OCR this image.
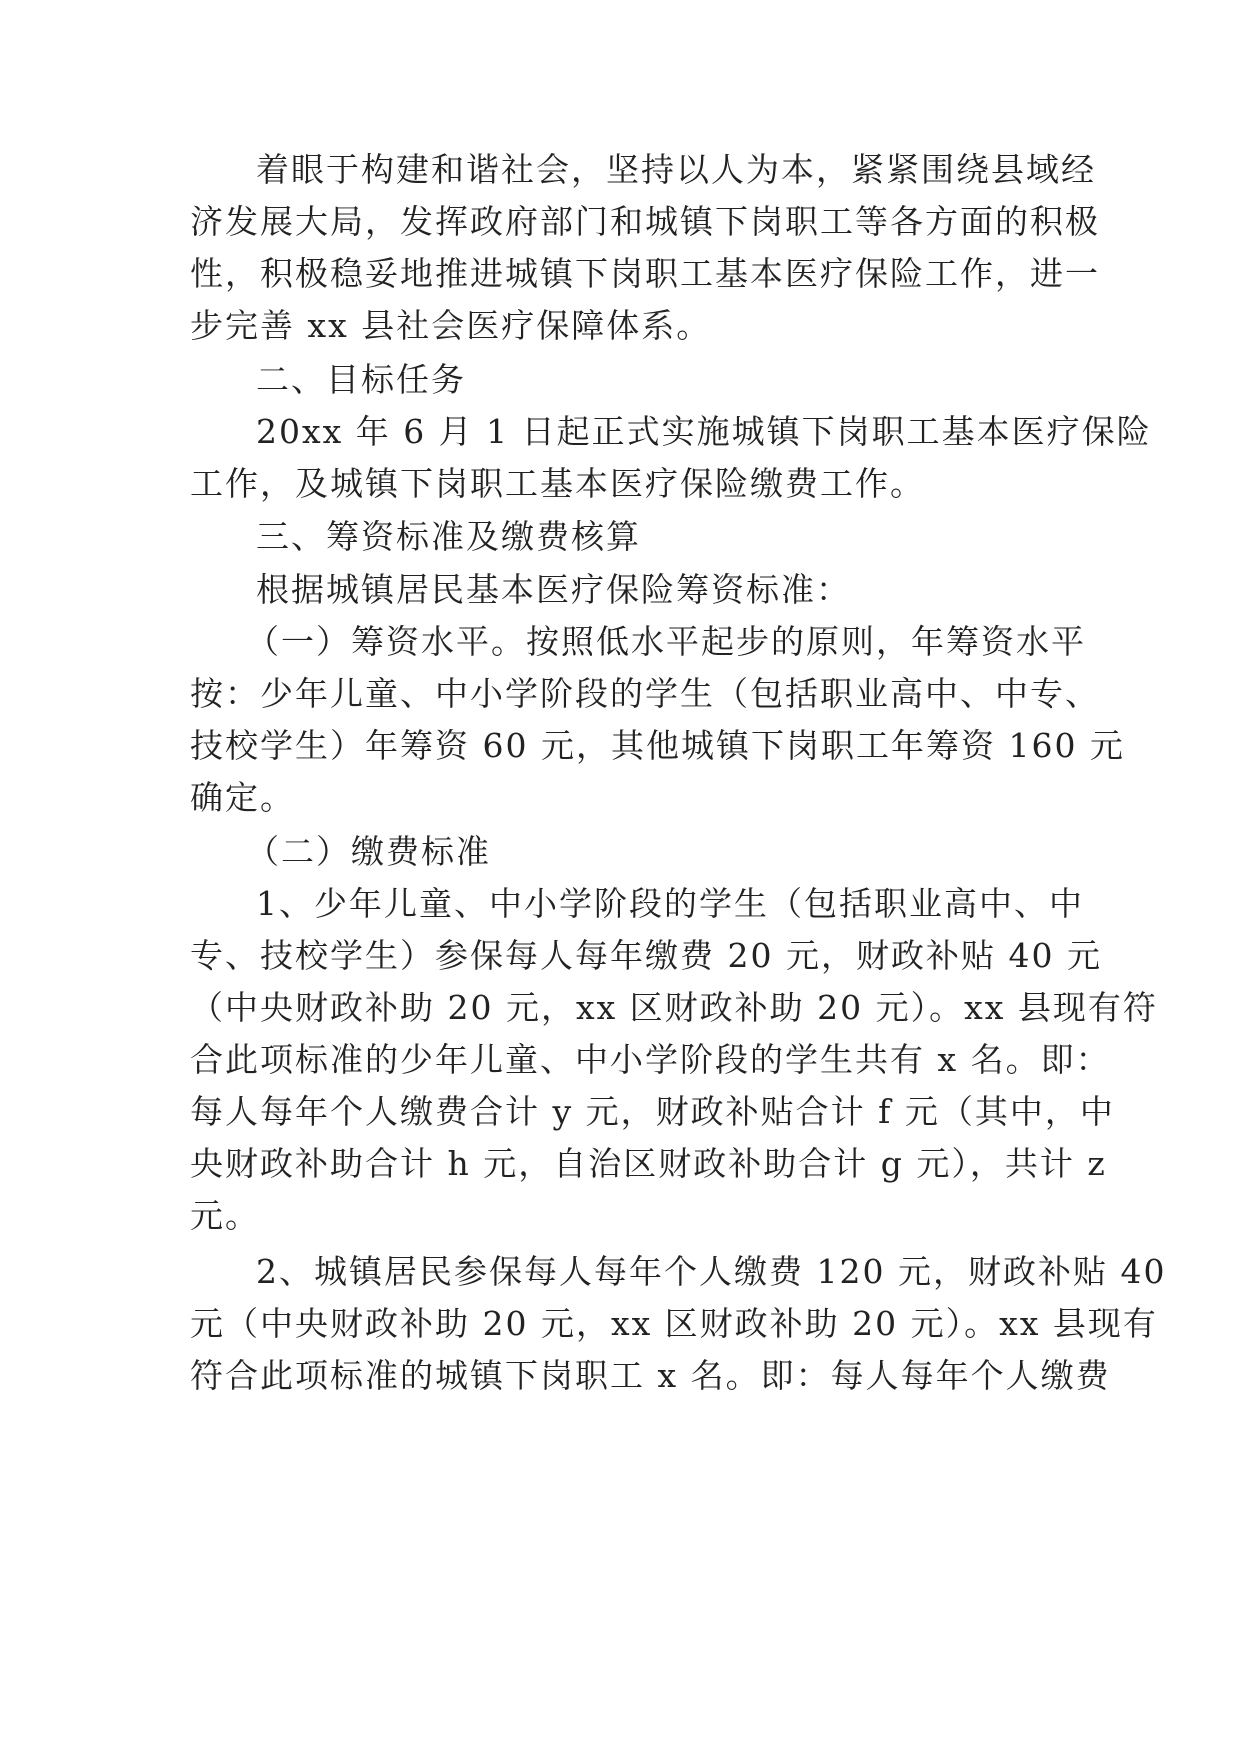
着眼于构建和谐社会，坚持以人为本，紧紧围绕县域经
济发展大局，发挥政府部门和城镇下岗职工等各方面的积极
性，积极稳妥地推进城镇下岗职工基本医疗保险工作，进一
步完善 xx 县社会医疗保障体系。
二、目标任务
20xx 年 6 月 1 日起正式实施城镇下岗职工基本医疗保险
工作，及城镇下岗职工基本医疗保险缴费工作。
三、筹资标准及缴费核算
根据城镇居民基本医疗保险筹资标准：
（一）筹资水平。按照低水平起步的原则，年筹资水平
按：少年儿童、中小学阶段的学生（包括职业高中、中专、
技校学生）年筹资 60 元，其他城镇下岗职工年筹资 160 元
确定。
（二）缴费标准
1、少年儿童、中小学阶段的学生（包括职业高中、中
专、技校学生）参保每人每年缴费 20 元，财政补贴 40 元
（中央财政补助 20 元，xx 区财政补助 20 元）。xx 县现有符
合此项标准的少年儿童、中小学阶段的学生共有 x 名。即：
每人每年个人缴费合计 y 元，财政补贴合计 f 元（其中，中
央财政补助合计 h 元，自治区财政补助合计 g 元），共计 z
元。
2、城镇居民参保每人每年个人缴费 120 元，财政补贴 40
元（中央财政补助 20 元，xx 区财政补助 20 元）。xx 县现有
符合此项标准的城镇下岗职工 x 名。即：每人每年个人缴费
